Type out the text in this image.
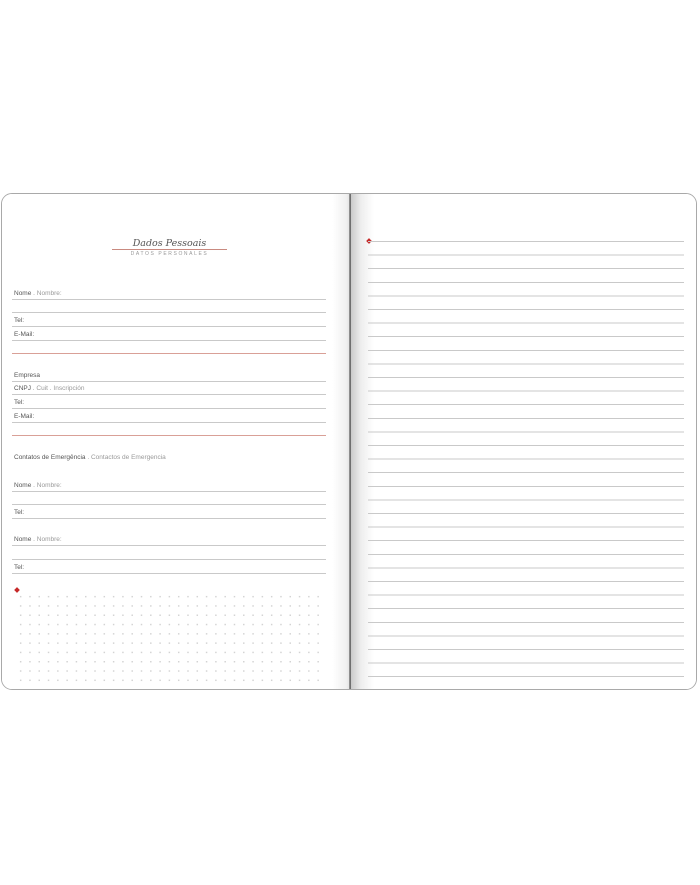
Dados Pessoais
DATOS PERSONALES
Nome . Nombre:
Tel:
E-Mail:
Empresa
CNPJ . Cuit . Inscripción
Tel:
E-Mail:
Contatos de Emergência . Contactos de Emergencia
Nome . Nombre:
Tel:
Nome . Nombre:
Tel:
